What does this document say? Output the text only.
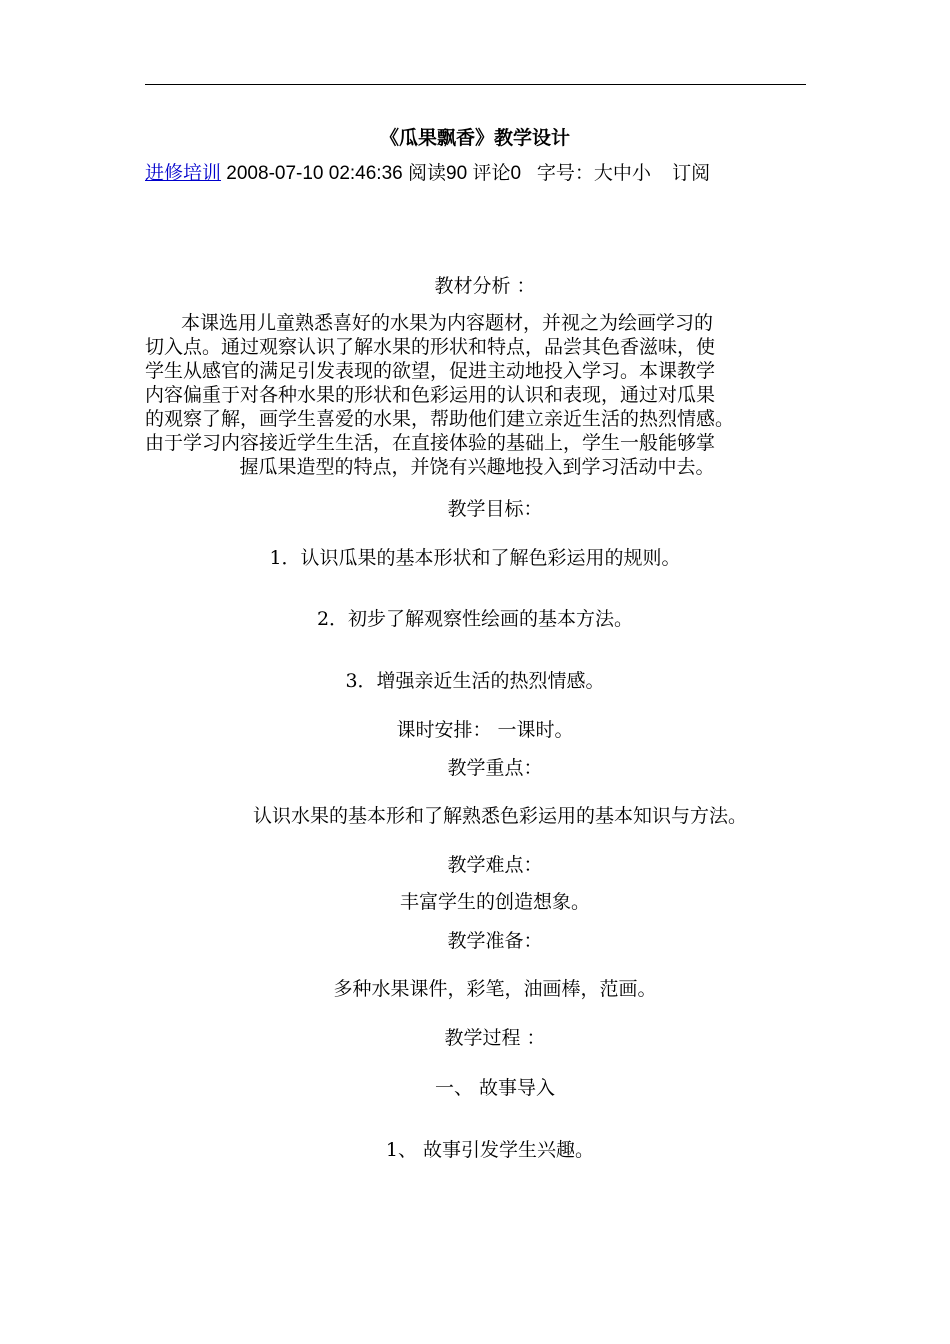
《瓜果飘香》教学设计
进修培训 2008-07-10 02:46:36 阅读90 评论0 字号：大中小 订阅
教材分析 ：
本课选用儿童熟悉喜好的水果为内容题材，并视之为绘画学习的
切入点。通过观察认识了解水果的形状和特点，品尝其色香滋味，使
学生从感官的满足引发表现的欲望，促进主动地投入学习。本课教学
内容偏重于对各种水果的形状和色彩运用的认识和表现，通过对瓜果
的观察了解，画学生喜爱的水果，帮助他们建立亲近生活的热烈情感。
由于学习内容接近学生生活，在直接体验的基础上，学生一般能够掌
握瓜果造型的特点，并饶有兴趣地投入到学习活动中去。
教学目标：
1．认识瓜果的基本形状和了解色彩运用的规则。
2．初步了解观察性绘画的基本方法。
3．增强亲近生活的热烈情感。
课时安排： 一课时。
教学重点：
认识水果的基本形和了解熟悉色彩运用的基本知识与方法。
教学难点：
丰富学生的创造想象。
教学准备：
多种水果课件，彩笔，油画棒，范画。
教学过程 ：
一、 故事导入
1、 故事引发学生兴趣。
